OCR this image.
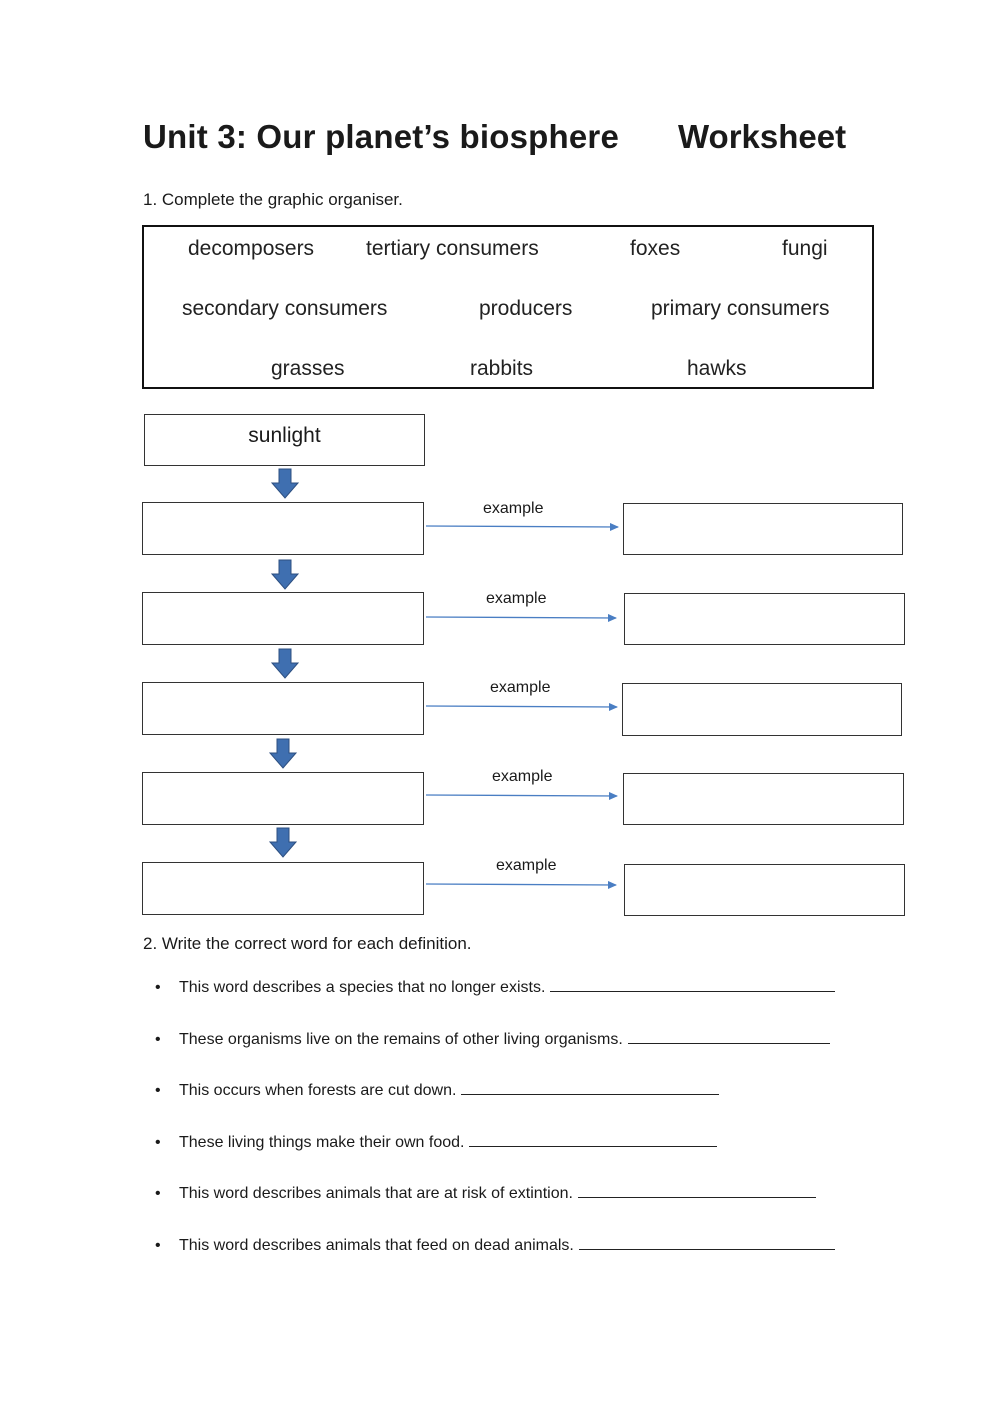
Unit 3: Our planet’s biosphere Worksheet
1. Complete the graphic organiser.
decomposers tertiary consumers	foxes	fungi
secondary consumers	producers	primary consumers
grasses	rabbits	hawks
sunlight
example
example
example
example
example
2. Write the correct word for each definition.
•	This word describes a species that no longer exists.
•	These organisms live on the remains of other living organisms.
•	This occurs when forests are cut down.
•	These living things make their own food.
•	This word describes animals that are at risk of extintion.
•	This word describes animals that feed on dead animals.
